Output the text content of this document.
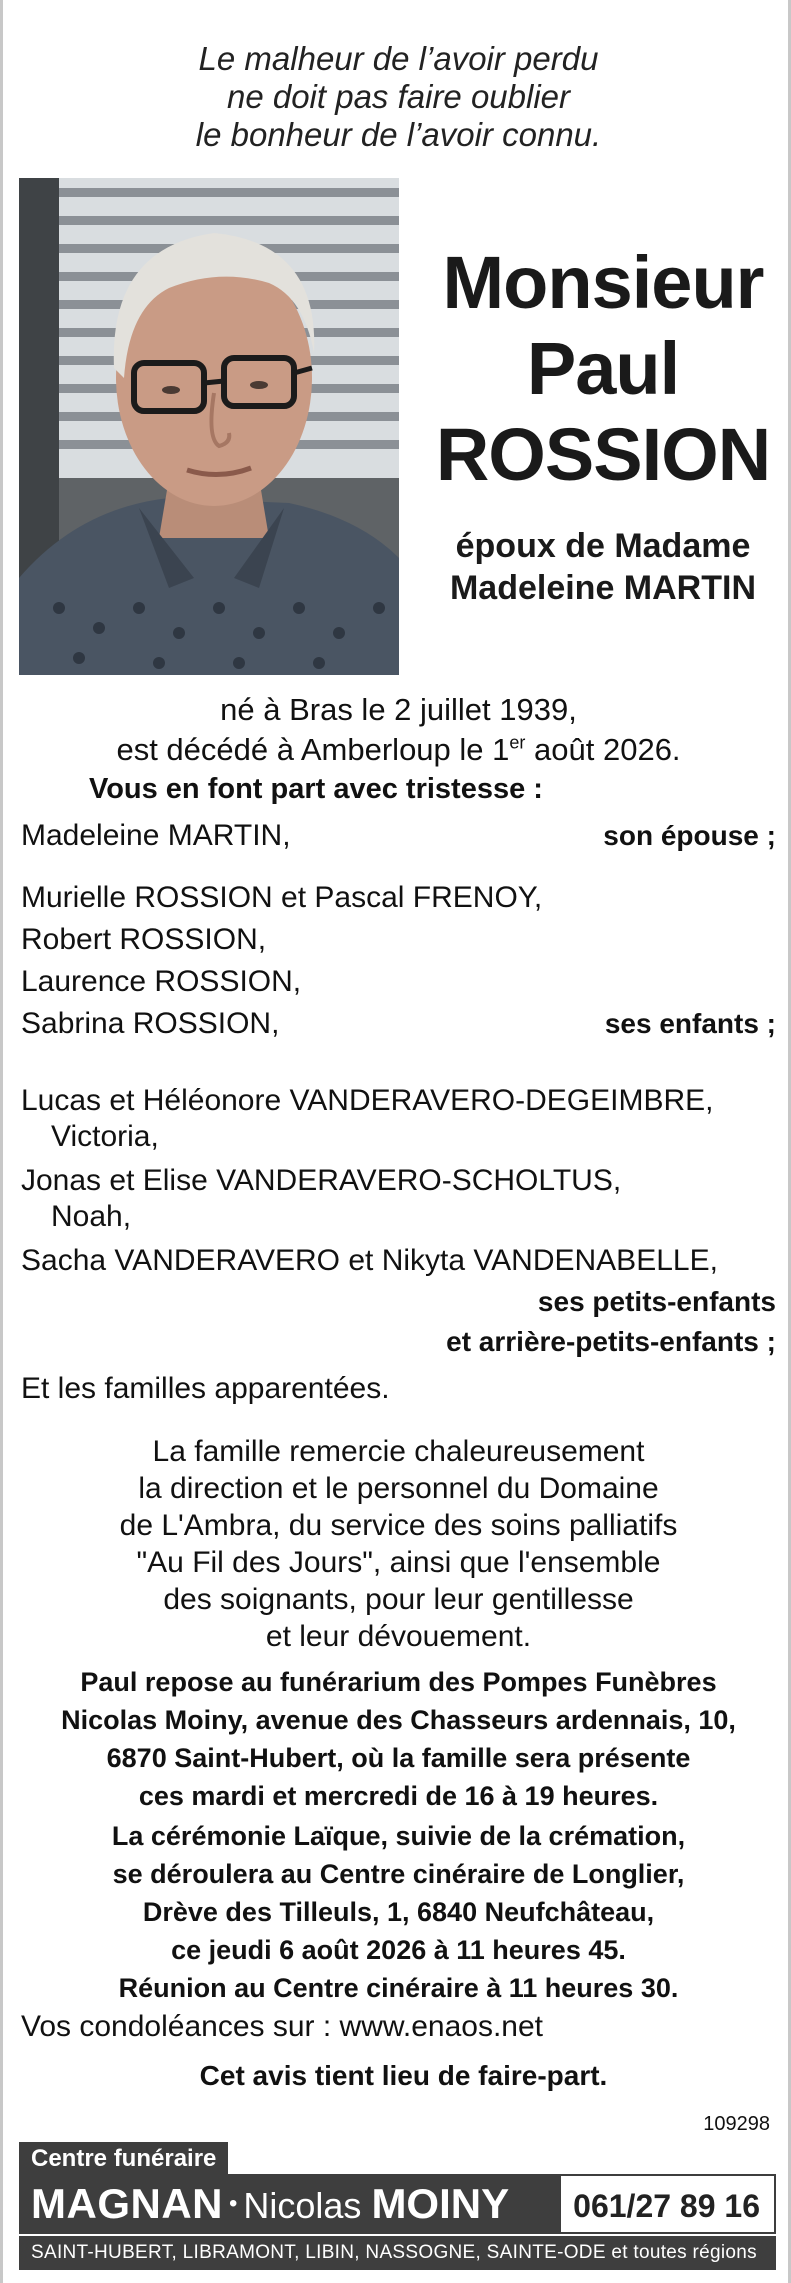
Le malheur de l’avoir perdu
ne doit pas faire oublier
le bonheur de l’avoir connu.
Monsieur
Paul
ROSSION
époux de Madame
Madeleine MARTIN
né à Bras le 2 juillet 1939,
est décédé à Amberloup le 1er août 2026.
Vous en font part avec tristesse :
Madeleine MARTIN,	son épouse ;
Murielle ROSSION et Pascal FRENOY,
Robert ROSSION,
Laurence ROSSION,
Sabrina ROSSION,	ses enfants ;
Lucas et Héléonore VANDERAVERO-DEGEIMBRE,
Victoria,
Jonas et Elise VANDERAVERO-SCHOLTUS,
Noah,
Sacha VANDERAVERO et Nikyta VANDENABELLE,
ses petits-enfants
et arrière-petits-enfants ;
Et les familles apparentées.
La famille remercie chaleureusement
la direction et le personnel du Domaine
de L'Ambra, du service des soins palliatifs
"Au Fil des Jours", ainsi que l'ensemble
des soignants, pour leur gentillesse
et leur dévouement.
Paul repose au funérarium des Pompes Funèbres
Nicolas Moiny, avenue des Chasseurs ardennais, 10,
6870 Saint-Hubert, où la famille sera présente
ces mardi et mercredi de 16 à 19 heures.
La cérémonie Laïque, suivie de la crémation,
se déroulera au Centre cinéraire de Longlier,
Drève des Tilleuls, 1, 6840 Neufchâteau,
ce jeudi 6 août 2026 à 11 heures 45.
Réunion au Centre cinéraire à 11 heures 30.
Vos condoléances sur : www.enaos.net
Cet avis tient lieu de faire-part.
109298
Centre funéraire
MAGNAN • Nicolas MOINY	061/27 89 16
SAINT-HUBERT, LIBRAMONT, LIBIN, NASSOGNE, SAINTE-ODE et toutes régions
